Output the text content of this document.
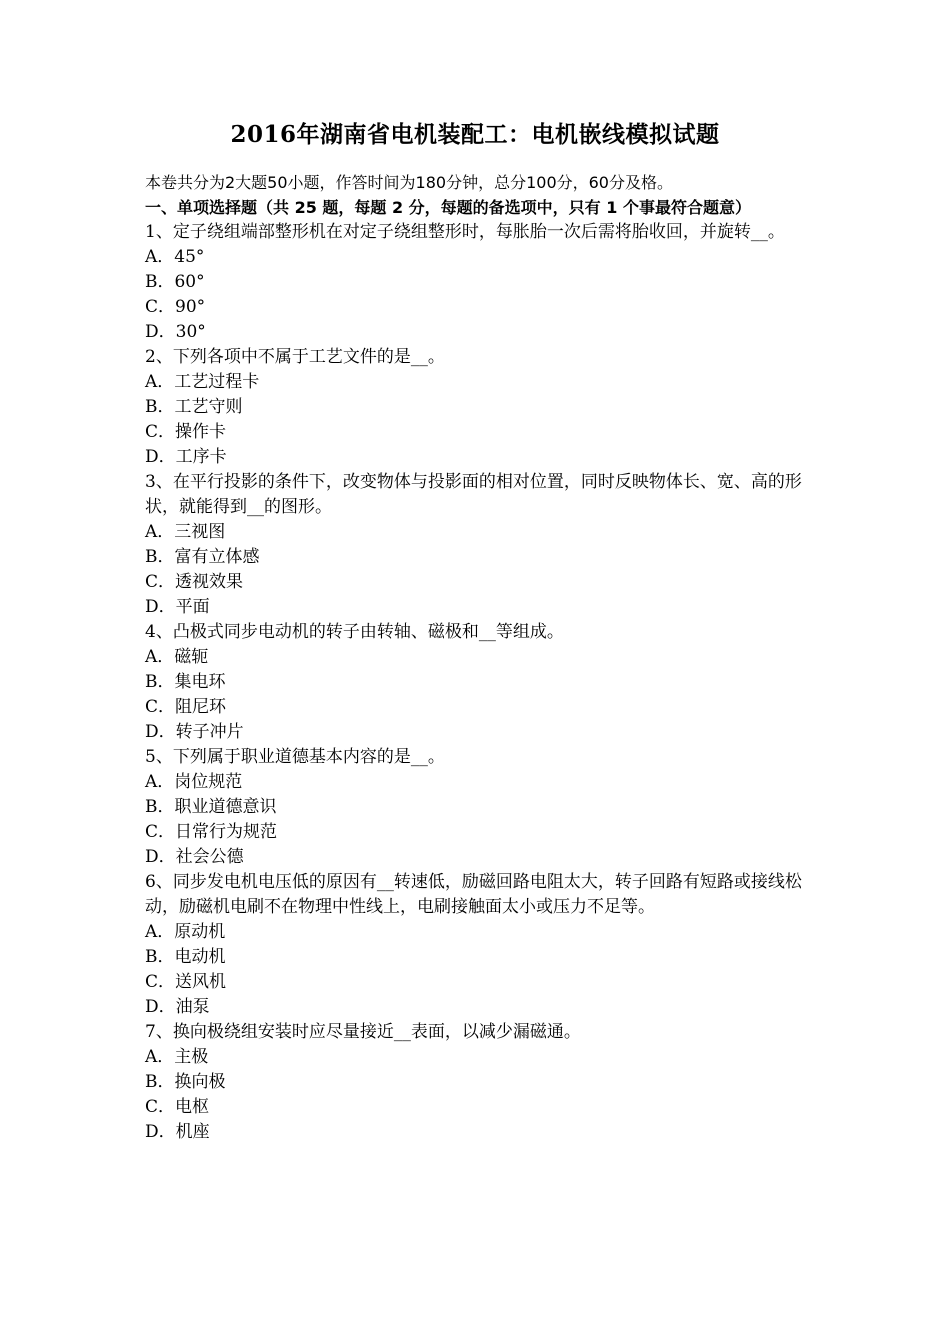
2016年湖南省电机装配工：电机嵌线模拟试题
本卷共分为2大题50小题，作答时间为180分钟，总分100分，60分及格。
一、单项选择题（共 25 题，每题 2 分，每题的备选项中，只有 1 个事最符合题意）
1、定子绕组端部整形机在对定子绕组整形时，每胀胎一次后需将胎收回，并旋转__。
A．45°
B．60°
C．90°
D．30°
2、下列各项中不属于工艺文件的是__。
A．工艺过程卡
B．工艺守则
C．操作卡
D．工序卡
3、在平行投影的条件下，改变物体与投影面的相对位置，同时反映物体长、宽、高的形状，就能得到__的图形。
A．三视图
B．富有立体感
C．透视效果
D．平面
4、凸极式同步电动机的转子由转轴、磁极和__等组成。
A．磁轭
B．集电环
C．阻尼环
D．转子冲片
5、下列属于职业道德基本内容的是__。
A．岗位规范
B．职业道德意识
C．日常行为规范
D．社会公德
6、同步发电机电压低的原因有__转速低，励磁回路电阻太大，转子回路有短路或接线松动，励磁机电刷不在物理中性线上，电刷接触面太小或压力不足等。
A．原动机
B．电动机
C．送风机
D．油泵
7、换向极绕组安装时应尽量接近__表面，以减少漏磁通。
A．主极
B．换向极
C．电枢
D．机座
